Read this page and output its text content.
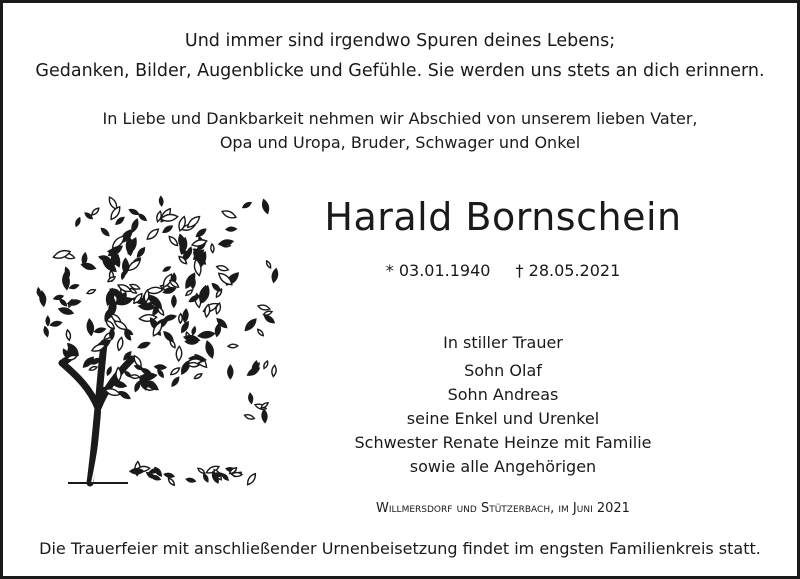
Und immer sind irgendwo Spuren deines Lebens;
Gedanken, Bilder, Augenblicke und Gefühle. Sie werden uns stets an dich erinnern.
In Liebe und Dankbarkeit nehmen wir Abschied von unserem lieben Vater,
Opa und Uropa, Bruder, Schwager und Onkel
Harald Bornschein
* 03.01.1940 † 28.05.2021
In stiller Trauer
Sohn Olaf
Sohn Andreas
seine Enkel und Urenkel
Schwester Renate Heinze mit Familie
sowie alle Angehörigen
Willmersdorf und Stützerbach, im Juni 2021
Die Trauerfeier mit anschließender Urnenbeisetzung findet im engsten Familienkreis statt.
